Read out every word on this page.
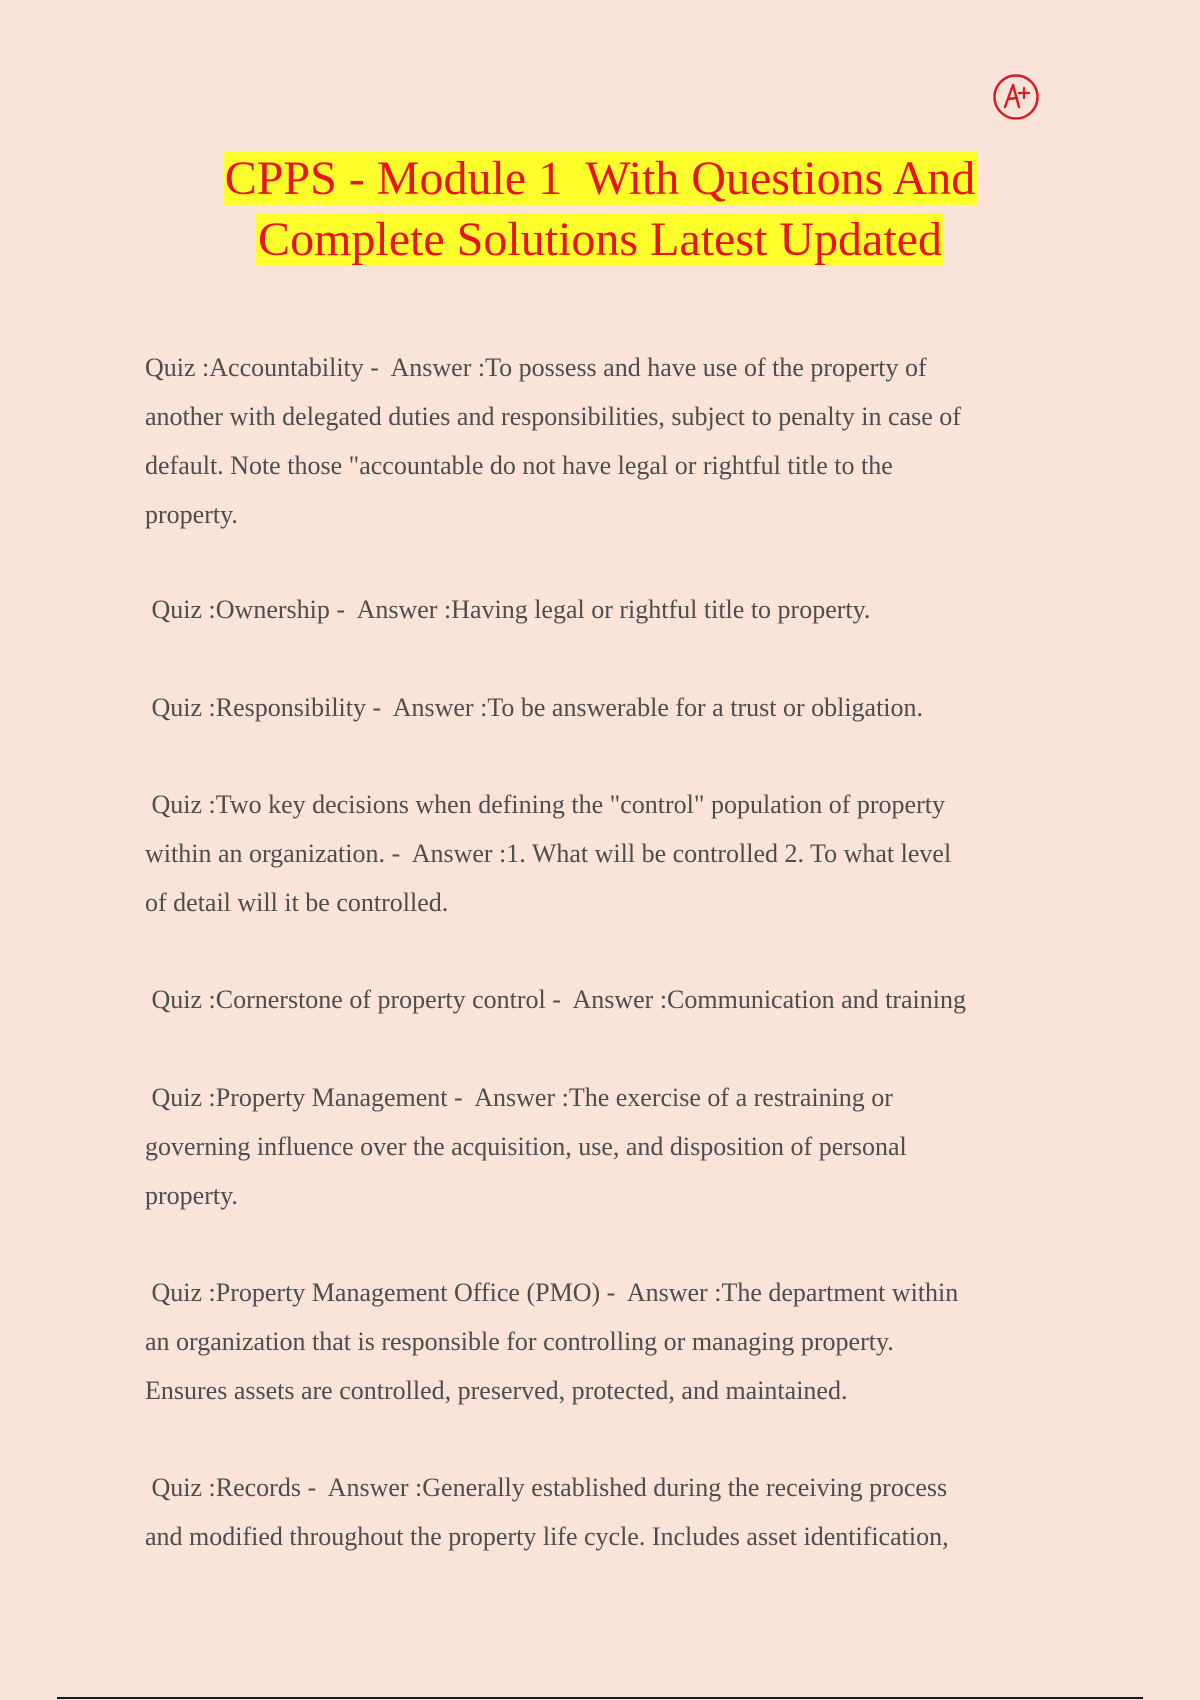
CPPS - Module 1  With Questions And
Complete Solutions Latest Updated
Quiz :Accountability -  Answer :To possess and have use of the property of
another with delegated duties and responsibilities, subject to penalty in case of
default. Note those "accountable do not have legal or rightful title to the
property.
Quiz :Ownership -  Answer :Having legal or rightful title to property.
Quiz :Responsibility -  Answer :To be answerable for a trust or obligation.
Quiz :Two key decisions when defining the "control" population of property
within an organization. -  Answer :1. What will be controlled 2. To what level
of detail will it be controlled.
Quiz :Cornerstone of property control -  Answer :Communication and training
Quiz :Property Management -  Answer :The exercise of a restraining or
governing influence over the acquisition, use, and disposition of personal
property.
Quiz :Property Management Office (PMO) -  Answer :The department within
an organization that is responsible for controlling or managing property.
Ensures assets are controlled, preserved, protected, and maintained.
Quiz :Records -  Answer :Generally established during the receiving process
and modified throughout the property life cycle. Includes asset identification,
